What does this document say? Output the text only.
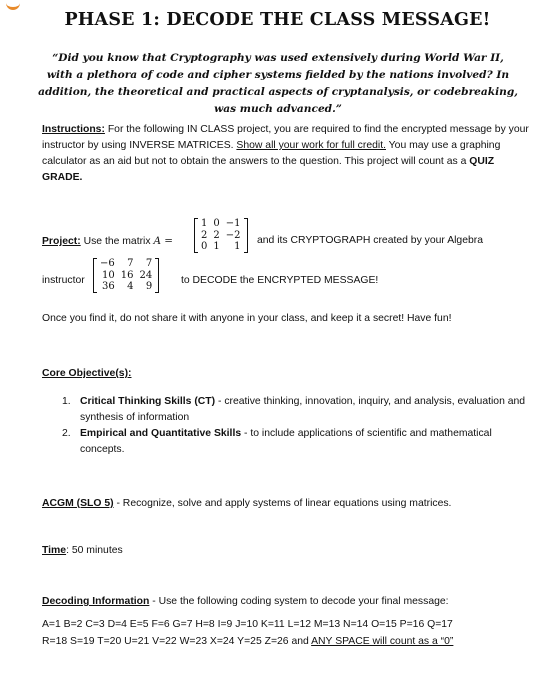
PHASE 1: DECODE THE CLASS MESSAGE!
“Did you know that Cryptography was used extensively during World War II, with a plethora of code and cipher systems fielded by the nations involved? In addition, the theoretical and practical aspects of cryptanalysis, or codebreaking, was much advanced.”
Instructions: For the following IN CLASS project, you are required to find the encrypted message by your instructor by using INVERSE MATRICES. Show all your work for full credit. You may use a graphing calculator as an aid but not to obtain the answers to the question. This project will count as a QUIZ GRADE.
Project: Use the matrix A =
1 0 −1
2 2 −2
0 1	1
and its CRYPTOGRAPH created by your Algebra
instructor
−6	7	7
10 16 24
36	4	9
to DECODE the ENCRYPTED MESSAGE!
Once you find it, do not share it with anyone in your class, and keep it a secret! Have fun!
Core Objective(s):
1. Critical Thinking Skills (CT) - creative thinking, innovation, inquiry, and analysis, evaluation and synthesis of information
2. Empirical and Quantitative Skills - to include applications of scientific and mathematical concepts.
ACGM (SLO 5) - Recognize, solve and apply systems of linear equations using matrices.
Time: 50 minutes
Decoding Information - Use the following coding system to decode your final message:
A=1 B=2 C=3 D=4 E=5 F=6 G=7 H=8 I=9 J=10 K=11 L=12 M=13 N=14 O=15 P=16 Q=17
R=18 S=19 T=20 U=21 V=22 W=23 X=24 Y=25 Z=26 and ANY SPACE will count as a “0”
